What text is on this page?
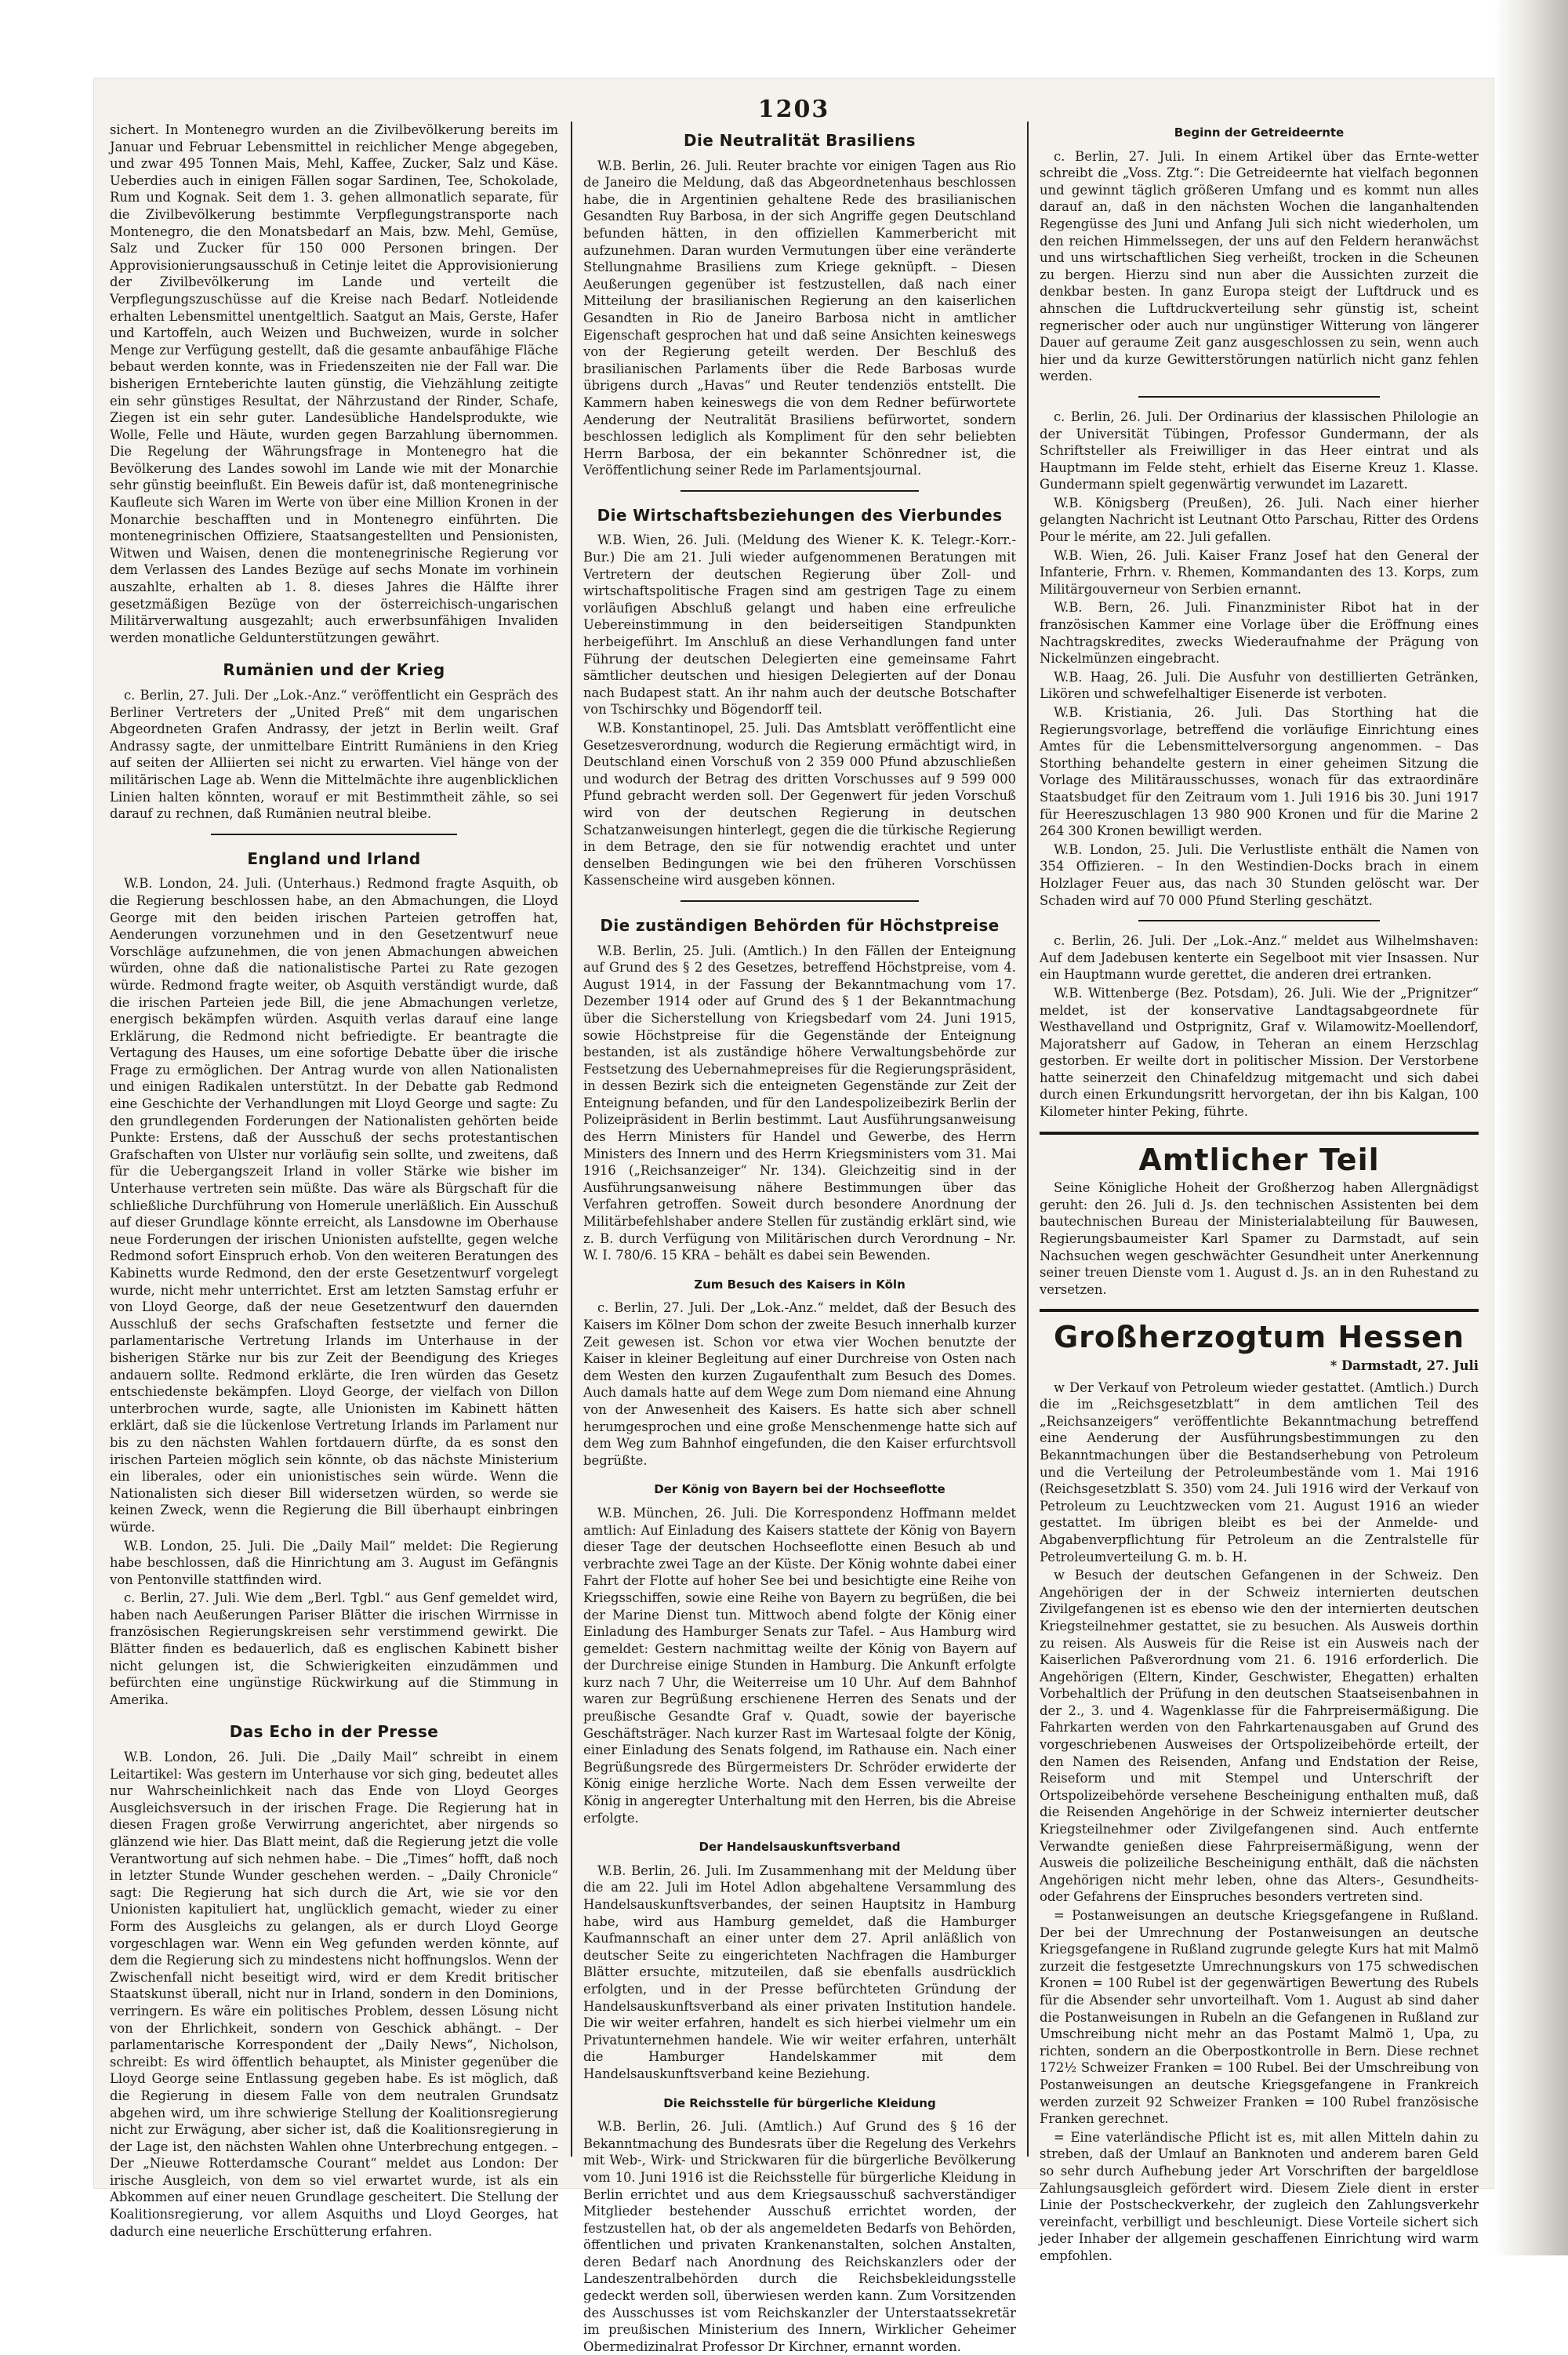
1203

sichert. In Montenegro wurden an die Zivilbevölkerung bereits im Januar und Februar Lebensmittel in reichlicher Menge abgegeben, und zwar 495 Tonnen Mais, Mehl, Kaffee, Zucker, Salz und Käse. Ueberdies auch in einigen Fällen sogar Sardinen, Tee, Schokolade, Rum und Kognak. Seit dem 1. 3. gehen allmonatlich separate, für die Zivilbevölkerung bestimmte Verpflegungstransporte nach Montenegro, die den Monatsbedarf an Mais, bzw. Mehl, Gemüse, Salz und Zucker für 150 000 Personen bringen. Der Approvisionierungsausschuß in Cetinje leitet die Approvisionierung der Zivilbevölkerung im Lande und verteilt die Verpflegungszuschüsse auf die Kreise nach Bedarf. Notleidende erhalten Lebensmittel unentgeltlich. Saatgut an Mais, Gerste, Hafer und Kartoffeln, auch Weizen und Buchweizen, wurde in solcher Menge zur Verfügung gestellt, daß die gesamte anbaufähige Fläche bebaut werden konnte, was in Friedenszeiten nie der Fall war. Die bisherigen Ernteberichte lauten günstig, die Viehzählung zeitigte ein sehr günstiges Resultat, der Nährzustand der Rinder, Schafe, Ziegen ist ein sehr guter. Landesübliche Handelsprodukte, wie Wolle, Felle und Häute, wurden gegen Barzahlung übernommen. Die Regelung der Währungsfrage in Montenegro hat die Bevölkerung des Landes sowohl im Lande wie mit der Monarchie sehr günstig beeinflußt. Ein Beweis dafür ist, daß montenegrinische Kaufleute sich Waren im Werte von über eine Million Kronen in der Monarchie beschafften und in Montenegro einführten. Die montenegrinischen Offiziere, Staatsangestellten und Pensionisten, Witwen und Waisen, denen die montenegrinische Regierung vor dem Verlassen des Landes Bezüge auf sechs Monate im vorhinein auszahlte, erhalten ab 1. 8. dieses Jahres die Hälfte ihrer gesetzmäßigen Bezüge von der österreichisch-ungarischen Militärverwaltung ausgezahlt; auch erwerbsunfähigen Invaliden werden monatliche Geldunterstützungen gewährt.

Rumänien und der Krieg

c. Berlin, 27. Juli. Der „Lok.-Anz.“ veröffentlicht ein Gespräch des Berliner Vertreters der „United Preß“ mit dem ungarischen Abgeordneten Grafen Andrassy, der jetzt in Berlin weilt. Graf Andrassy sagte, der unmittelbare Eintritt Rumäniens in den Krieg auf seiten der Alliierten sei nicht zu erwarten. Viel hänge von der militärischen Lage ab. Wenn die Mittelmächte ihre augenblicklichen Linien halten könnten, worauf er mit Bestimmtheit zähle, so sei darauf zu rechnen, daß Rumänien neutral bleibe.

England und Irland

W.B. London, 24. Juli. (Unterhaus.) Redmond fragte Asquith, ob die Regierung beschlossen habe, an den Abmachungen, die Lloyd George mit den beiden irischen Parteien getroffen hat, Aenderungen vorzunehmen und in den Gesetzentwurf neue Vorschläge aufzunehmen, die von jenen Abmachungen abweichen würden, ohne daß die nationalistische Partei zu Rate gezogen würde. Redmond fragte weiter, ob Asquith verständigt wurde, daß die irischen Parteien jede Bill, die jene Abmachungen verletze, energisch bekämpfen würden. Asquith verlas darauf eine lange Erklärung, die Redmond nicht befriedigte. Er beantragte die Vertagung des Hauses, um eine sofortige Debatte über die irische Frage zu ermöglichen. Der Antrag wurde von allen Nationalisten und einigen Radikalen unterstützt. In der Debatte gab Redmond eine Geschichte der Verhandlungen mit Lloyd George und sagte: Zu den grundlegenden Forderungen der Nationalisten gehörten beide Punkte: Erstens, daß der Ausschuß der sechs protestantischen Grafschaften von Ulster nur vorläufig sein sollte, und zweitens, daß für die Uebergangszeit Irland in voller Stärke wie bisher im Unterhause vertreten sein müßte. Das wäre als Bürgschaft für die schließliche Durchführung von Homerule unerläßlich. Ein Ausschuß auf dieser Grundlage könnte erreicht, als Lansdowne im Oberhause neue Forderungen der irischen Unionisten aufstellte, gegen welche Redmond sofort Einspruch erhob. Von den weiteren Beratungen des Kabinetts wurde Redmond, den der erste Gesetzentwurf vorgelegt wurde, nicht mehr unterrichtet. Erst am letzten Samstag erfuhr er von Lloyd George, daß der neue Gesetzentwurf den dauernden Ausschluß der sechs Grafschaften festsetzte und ferner die parlamentarische Vertretung Irlands im Unterhause in der bisherigen Stärke nur bis zur Zeit der Beendigung des Krieges andauern sollte. Redmond erklärte, die Iren würden das Gesetz entschiedenste bekämpfen. Lloyd George, der vielfach von Dillon unterbrochen wurde, sagte, alle Unionisten im Kabinett hätten erklärt, daß sie die lückenlose Vertretung Irlands im Parlament nur bis zu den nächsten Wahlen fortdauern dürfte, da es sonst den irischen Parteien möglich sein könnte, ob das nächste Ministerium ein liberales, oder ein unionistisches sein würde. Wenn die Nationalisten sich dieser Bill widersetzen würden, so werde sie keinen Zweck, wenn die Regierung die Bill überhaupt einbringen würde.

W.B. London, 25. Juli. Die „Daily Mail“ meldet: Die Regierung habe beschlossen, daß die Hinrichtung am 3. August im Gefängnis von Pentonville stattfinden wird.

c. Berlin, 27. Juli. Wie dem „Berl. Tgbl.“ aus Genf gemeldet wird, haben nach Aeußerungen Pariser Blätter die irischen Wirrnisse in französischen Regierungskreisen sehr verstimmend gewirkt. Die Blätter finden es bedauerlich, daß es englischen Kabinett bisher nicht gelungen ist, die Schwierigkeiten einzudämmen und befürchten eine ungünstige Rückwirkung auf die Stimmung in Amerika.

Das Echo in der Presse

W.B. London, 26. Juli. Die „Daily Mail“ schreibt in einem Leitartikel: Was gestern im Unterhause vor sich ging, bedeutet alles nur Wahrscheinlichkeit nach das Ende von Lloyd Georges Ausgleichsversuch in der irischen Frage. Die Regierung hat in diesen Fragen große Verwirrung angerichtet, aber nirgends so glänzend wie hier. Das Blatt meint, daß die Regierung jetzt die volle Verantwortung auf sich nehmen habe. – Die „Times“ hofft, daß noch in letzter Stunde Wunder geschehen werden. – „Daily Chronicle“ sagt: Die Regierung hat sich durch die Art, wie sie vor den Unionisten kapituliert hat, unglücklich gemacht, wieder zu einer Form des Ausgleichs zu gelangen, als er durch Lloyd George vorgeschlagen war. Wenn ein Weg gefunden werden könnte, auf dem die Regierung sich zu mindestens nicht hoffnungslos. Wenn der Zwischenfall nicht beseitigt wird, wird er dem Kredit britischer Staatskunst überall, nicht nur in Irland, sondern in den Dominions, verringern. Es wäre ein politisches Problem, dessen Lösung nicht von der Ehrlichkeit, sondern von Geschick abhängt. – Der parlamentarische Korrespondent der „Daily News“, Nicholson, schreibt: Es wird öffentlich behauptet, als Minister gegenüber die Lloyd George seine Entlassung gegeben habe. Es ist möglich, daß die Regierung in diesem Falle von dem neutralen Grundsatz abgehen wird, um ihre schwierige Stellung der Koalitionsregierung nicht zur Erwägung, aber sicher ist, daß die Koalitionsregierung in der Lage ist, den nächsten Wahlen ohne Unterbrechung entgegen. – Der „Nieuwe Rotterdamsche Courant“ meldet aus London: Der irische Ausgleich, von dem so viel erwartet wurde, ist als ein Abkommen auf einer neuen Grundlage gescheitert. Die Stellung der Koalitionsregierung, vor allem Asquiths und Lloyd Georges, hat dadurch eine neuerliche Erschütterung erfahren.

Die Neutralität Brasiliens

W.B. Berlin, 26. Juli. Reuter brachte vor einigen Tagen aus Rio de Janeiro die Meldung, daß das Abgeordnetenhaus beschlossen habe, die in Argentinien gehaltene Rede des brasilianischen Gesandten Ruy Barbosa, in der sich Angriffe gegen Deutschland befunden hätten, in den offiziellen Kammerbericht mit aufzunehmen. Daran wurden Vermutungen über eine veränderte Stellungnahme Brasiliens zum Kriege geknüpft. – Diesen Aeußerungen gegenüber ist festzustellen, daß nach einer Mitteilung der brasilianischen Regierung an den kaiserlichen Gesandten in Rio de Janeiro Barbosa nicht in amtlicher Eigenschaft gesprochen hat und daß seine Ansichten keineswegs von der Regierung geteilt werden. Der Beschluß des brasilianischen Parlaments über die Rede Barbosas wurde übrigens durch „Havas“ und Reuter tendenziös entstellt. Die Kammern haben keineswegs die von dem Redner befürwortete Aenderung der Neutralität Brasiliens befürwortet, sondern beschlossen lediglich als Kompliment für den sehr beliebten Herrn Barbosa, der ein bekannter Schönredner ist, die Veröffentlichung seiner Rede im Parlamentsjournal.

Die Wirtschaftsbeziehungen des Vierbundes

W.B. Wien, 26. Juli. (Meldung des Wiener K. K. Telegr.-Korr.-Bur.) Die am 21. Juli wieder aufgenommenen Beratungen mit Vertretern der deutschen Regierung über Zoll- und wirtschaftspolitische Fragen sind am gestrigen Tage zu einem vorläufigen Abschluß gelangt und haben eine erfreuliche Uebereinstimmung in den beiderseitigen Standpunkten herbeigeführt. Im Anschluß an diese Verhandlungen fand unter Führung der deutschen Delegierten eine gemeinsame Fahrt sämtlicher deutschen und hiesigen Delegierten auf der Donau nach Budapest statt. An ihr nahm auch der deutsche Botschafter von Tschirschky und Bögendorff teil.

W.B. Konstantinopel, 25. Juli. Das Amtsblatt veröffentlicht eine Gesetzesverordnung, wodurch die Regierung ermächtigt wird, in Deutschland einen Vorschuß von 2 359 000 Pfund abzuschließen und wodurch der Betrag des dritten Vorschusses auf 9 599 000 Pfund gebracht werden soll. Der Gegenwert für jeden Vorschuß wird von der deutschen Regierung in deutschen Schatzanweisungen hinterlegt, gegen die die türkische Regierung in dem Betrage, den sie für notwendig erachtet und unter denselben Bedingungen wie bei den früheren Vorschüssen Kassenscheine wird ausgeben können.

Die zuständigen Behörden für Höchstpreise

W.B. Berlin, 25. Juli. (Amtlich.) In den Fällen der Enteignung auf Grund des § 2 des Gesetzes, betreffend Höchstpreise, vom 4. August 1914, in der Fassung der Bekanntmachung vom 17. Dezember 1914 oder auf Grund des § 1 der Bekanntmachung über die Sicherstellung von Kriegsbedarf vom 24. Juni 1915, sowie Höchstpreise für die Gegenstände der Enteignung bestanden, ist als zuständige höhere Verwaltungsbehörde zur Festsetzung des Uebernahmepreises für die Regierungspräsident, in dessen Bezirk sich die enteigneten Gegenstände zur Zeit der Enteignung befanden, und für den Landespolizeibezirk Berlin der Polizeipräsident in Berlin bestimmt. Laut Ausführungsanweisung des Herrn Ministers für Handel und Gewerbe, des Herrn Ministers des Innern und des Herrn Kriegsministers vom 31. Mai 1916 („Reichsanzeiger“ Nr. 134). Gleichzeitig sind in der Ausführungsanweisung nähere Bestimmungen über das Verfahren getroffen. Soweit durch besondere Anordnung der Militärbefehlshaber andere Stellen für zuständig erklärt sind, wie z. B. durch Verfügung von Militärischen durch Verordnung – Nr. W. I. 780/6. 15 KRA – behält es dabei sein Bewenden.

Zum Besuch des Kaisers in Köln

c. Berlin, 27. Juli. Der „Lok.-Anz.“ meldet, daß der Besuch des Kaisers im Kölner Dom schon der zweite Besuch innerhalb kurzer Zeit gewesen ist. Schon vor etwa vier Wochen benutzte der Kaiser in kleiner Begleitung auf einer Durchreise von Osten nach dem Westen den kurzen Zugaufenthalt zum Besuch des Domes. Auch damals hatte auf dem Wege zum Dom niemand eine Ahnung von der Anwesenheit des Kaisers. Es hatte sich aber schnell herumgesprochen und eine große Menschenmenge hatte sich auf dem Weg zum Bahnhof eingefunden, die den Kaiser erfurchtsvoll begrüßte.

Der König von Bayern bei der Hochseeflotte

W.B. München, 26. Juli. Die Korrespondenz Hoffmann meldet amtlich: Auf Einladung des Kaisers stattete der König von Bayern dieser Tage der deutschen Hochseeflotte einen Besuch ab und verbrachte zwei Tage an der Küste. Der König wohnte dabei einer Fahrt der Flotte auf hoher See bei und besichtigte eine Reihe von Kriegsschiffen, sowie eine Reihe von Bayern zu begrüßen, die bei der Marine Dienst tun. Mittwoch abend folgte der König einer Einladung des Hamburger Senats zur Tafel. – Aus Hamburg wird gemeldet: Gestern nachmittag weilte der König von Bayern auf der Durchreise einige Stunden in Hamburg. Die Ankunft erfolgte kurz nach 7 Uhr, die Weiterreise um 10 Uhr. Auf dem Bahnhof waren zur Begrüßung erschienene Herren des Senats und der preußische Gesandte Graf v. Quadt, sowie der bayerische Geschäftsträger. Nach kurzer Rast im Wartesaal folgte der König, einer Einladung des Senats folgend, im Rathause ein. Nach einer Begrüßungsrede des Bürgermeisters Dr. Schröder erwiderte der König einige herzliche Worte. Nach dem Essen verweilte der König in angeregter Unterhaltung mit den Herren, bis die Abreise erfolgte.

Der Handelsauskunftsverband

W.B. Berlin, 26. Juli. Im Zusammenhang mit der Meldung über die am 22. Juli im Hotel Adlon abgehaltene Versammlung des Handelsauskunftsverbandes, der seinen Hauptsitz in Hamburg habe, wird aus Hamburg gemeldet, daß die Hamburger Kaufmannschaft an einer unter dem 27. April anläßlich von deutscher Seite zu eingerichteten Nachfragen die Hamburger Blätter ersuchte, mitzuteilen, daß sie ebenfalls ausdrücklich erfolgten, und in der Presse befürchteten Gründung der Handelsauskunftsverband als einer privaten Institution handele. Die wir weiter erfahren, handelt es sich hierbei vielmehr um ein Privatunternehmen handele. Wie wir weiter erfahren, unterhält die Hamburger Handelskammer mit dem Handelsauskunftsverband keine Beziehung.

Die Reichsstelle für bürgerliche Kleidung

W.B. Berlin, 26. Juli. (Amtlich.) Auf Grund des § 16 der Bekanntmachung des Bundesrats über die Regelung des Verkehrs mit Web-, Wirk- und Strickwaren für die bürgerliche Bevölkerung vom 10. Juni 1916 ist die Reichsstelle für bürgerliche Kleidung in Berlin errichtet und aus dem Kriegsausschuß sachverständiger Mitglieder bestehender Ausschuß errichtet worden, der festzustellen hat, ob der als angemeldeten Bedarfs von Behörden, öffentlichen und privaten Krankenanstalten, solchen Anstalten, deren Bedarf nach Anordnung des Reichskanzlers oder der Landeszentralbehörden durch die Reichsbekleidungsstelle gedeckt werden soll, überwiesen werden kann. Zum Vorsitzenden des Ausschusses ist vom Reichskanzler der Unterstaatssekretär im preußischen Ministerium des Innern, Wirklicher Geheimer Obermedizinalrat Professor Dr Kirchner, ernannt worden.

Beginn der Getreideernte

c. Berlin, 27. Juli. In einem Artikel über das Ernte-wetter schreibt die „Voss. Ztg.“: Die Getreideernte hat vielfach begonnen und gewinnt täglich größeren Umfang und es kommt nun alles darauf an, daß in den nächsten Wochen die langanhaltenden Regengüsse des Juni und Anfang Juli sich nicht wiederholen, um den reichen Himmelssegen, der uns auf den Feldern heranwächst und uns wirtschaftlichen Sieg verheißt, trocken in die Scheunen zu bergen. Hierzu sind nun aber die Aussichten zurzeit die denkbar besten. In ganz Europa steigt der Luftdruck und es ahnschen die Luftdruckverteilung sehr günstig ist, scheint regnerischer oder auch nur ungünstiger Witterung von längerer Dauer auf geraume Zeit ganz ausgeschlossen zu sein, wenn auch hier und da kurze Gewitterstörungen natürlich nicht ganz fehlen werden.

c. Berlin, 26. Juli. Der Ordinarius der klassischen Philologie an der Universität Tübingen, Professor Gundermann, der als Schriftsteller als Freiwilliger in das Heer eintrat und als Hauptmann im Felde steht, erhielt das Eiserne Kreuz 1. Klasse. Gundermann spielt gegenwärtig verwundet im Lazarett.

W.B. Königsberg (Preußen), 26. Juli. Nach einer hierher gelangten Nachricht ist Leutnant Otto Parschau, Ritter des Ordens Pour le mérite, am 22. Juli gefallen.

W.B. Wien, 26. Juli. Kaiser Franz Josef hat den General der Infanterie, Frhrn. v. Rhemen, Kommandanten des 13. Korps, zum Militärgouverneur von Serbien ernannt.

W.B. Bern, 26. Juli. Finanzminister Ribot hat in der französischen Kammer eine Vorlage über die Eröffnung eines Nachtragskredites, zwecks Wiederaufnahme der Prägung von Nickelmünzen eingebracht.

W.B. Haag, 26. Juli. Die Ausfuhr von destillierten Getränken, Likören und schwefelhaltiger Eisenerde ist verboten.

W.B. Kristiania, 26. Juli. Das Storthing hat die Regierungsvorlage, betreffend die vorläufige Einrichtung eines Amtes für die Lebensmittelversorgung angenommen. – Das Storthing behandelte gestern in einer geheimen Sitzung die Vorlage des Militärausschusses, wonach für das extraordinäre Staatsbudget für den Zeitraum vom 1. Juli 1916 bis 30. Juni 1917 für Heereszuschlagen 13 980 900 Kronen und für die Marine 2 264 300 Kronen bewilligt werden.

W.B. London, 25. Juli. Die Verlustliste enthält die Namen von 354 Offizieren. – In den Westindien-Docks brach in einem Holzlager Feuer aus, das nach 30 Stunden gelöscht war. Der Schaden wird auf 70 000 Pfund Sterling geschätzt.

c. Berlin, 26. Juli. Der „Lok.-Anz.“ meldet aus Wilhelmshaven: Auf dem Jadebusen kenterte ein Segelboot mit vier Insassen. Nur ein Hauptmann wurde gerettet, die anderen drei ertranken.

W.B. Wittenberge (Bez. Potsdam), 26. Juli. Wie der „Prignitzer“ meldet, ist der konservative Landtagsabgeordnete für Westhavelland und Ostprignitz, Graf v. Wilamowitz-Moellendorf, Majoratsherr auf Gadow, in Teheran an einem Herzschlag gestorben. Er weilte dort in politischer Mission. Der Verstorbene hatte seinerzeit den Chinafeldzug mitgemacht und sich dabei durch einen Erkundungsritt hervorgetan, der ihn bis Kalgan, 100 Kilometer hinter Peking, führte.

Amtlicher Teil

Seine Königliche Hoheit der Großherzog haben Allergnädigst geruht: den 26. Juli d. Js. den technischen Assistenten bei dem bautechnischen Bureau der Ministerialabteilung für Bauwesen, Regierungsbaumeister Karl Spamer zu Darmstadt, auf sein Nachsuchen wegen geschwächter Gesundheit unter Anerkennung seiner treuen Dienste vom 1. August d. Js. an in den Ruhestand zu versetzen.

Großherzogtum Hessen
* Darmstadt, 27. Juli

w Der Verkauf von Petroleum wieder gestattet. (Amtlich.) Durch die im „Reichsgesetzblatt“ in dem amtlichen Teil des „Reichsanzeigers“ veröffentlichte Bekanntmachung betreffend eine Aenderung der Ausführungsbestimmungen zu den Bekanntmachungen über die Bestandserhebung von Petroleum und die Verteilung der Petroleumbestände vom 1. Mai 1916 (Reichsgesetzblatt S. 350) vom 24. Juli 1916 wird der Verkauf von Petroleum zu Leuchtzwecken vom 21. August 1916 an wieder gestattet. Im übrigen bleibt es bei der Anmelde- und Abgabenverpflichtung für Petroleum an die Zentralstelle für Petroleumverteilung G. m. b. H.

w Besuch der deutschen Gefangenen in der Schweiz. Den Angehörigen der in der Schweiz internierten deutschen Zivilgefangenen ist es ebenso wie den der internierten deutschen Kriegsteilnehmer gestattet, sie zu besuchen. Als Ausweis dorthin zu reisen. Als Ausweis für die Reise ist ein Ausweis nach der Kaiserlichen Paßverordnung vom 21. 6. 1916 erforderlich. Die Angehörigen (Eltern, Kinder, Geschwister, Ehegatten) erhalten Vorbehaltlich der Prüfung in den deutschen Staatseisenbahnen in der 2., 3. und 4. Wagenklasse für die Fahrpreisermäßigung. Die Fahrkarten werden von den Fahrkartenausgaben auf Grund des vorgeschriebenen Ausweises der Ortspolizeibehörde erteilt, der den Namen des Reisenden, Anfang und Endstation der Reise, Reiseform und mit Stempel und Unterschrift der Ortspolizeibehörde versehene Bescheinigung enthalten muß, daß die Reisenden Angehörige in der Schweiz internierter deutscher Kriegsteilnehmer oder Zivilgefangenen sind. Auch entfernte Verwandte genießen diese Fahrpreisermäßigung, wenn der Ausweis die polizeiliche Bescheinigung enthält, daß die nächsten Angehörigen nicht mehr leben, ohne das Alters-, Gesundheits- oder Gefahrens der Einspruches besonders vertreten sind.

= Postanweisungen an deutsche Kriegsgefangene in Rußland. Der bei der Umrechnung der Postanweisungen an deutsche Kriegsgefangene in Rußland zugrunde gelegte Kurs hat mit Malmö zurzeit die festgesetzte Umrechnungskurs von 175 schwedischen Kronen = 100 Rubel ist der gegenwärtigen Bewertung des Rubels für die Absender sehr unvorteilhaft. Vom 1. August ab sind daher die Postanweisungen in Rubeln an die Gefangenen in Rußland zur Umschreibung nicht mehr an das Postamt Malmö 1, Upa, zu richten, sondern an die Oberpostkontrolle in Bern. Diese rechnet 172½ Schweizer Franken = 100 Rubel. Bei der Umschreibung von Postanweisungen an deutsche Kriegsgefangene in Frankreich werden zurzeit 92 Schweizer Franken = 100 Rubel französische Franken gerechnet.

= Eine vaterländische Pflicht ist es, mit allen Mitteln dahin zu streben, daß der Umlauf an Banknoten und anderem baren Geld so sehr durch Aufhebung jeder Art Vorschriften der bargeldlose Zahlungsausgleich gefördert wird. Diesem Ziele dient in erster Linie der Postscheckverkehr, der zugleich den Zahlungsverkehr vereinfacht, verbilligt und beschleunigt. Diese Vorteile sichert sich jeder Inhaber der allgemein geschaffenen Einrichtung wird warm empfohlen.
